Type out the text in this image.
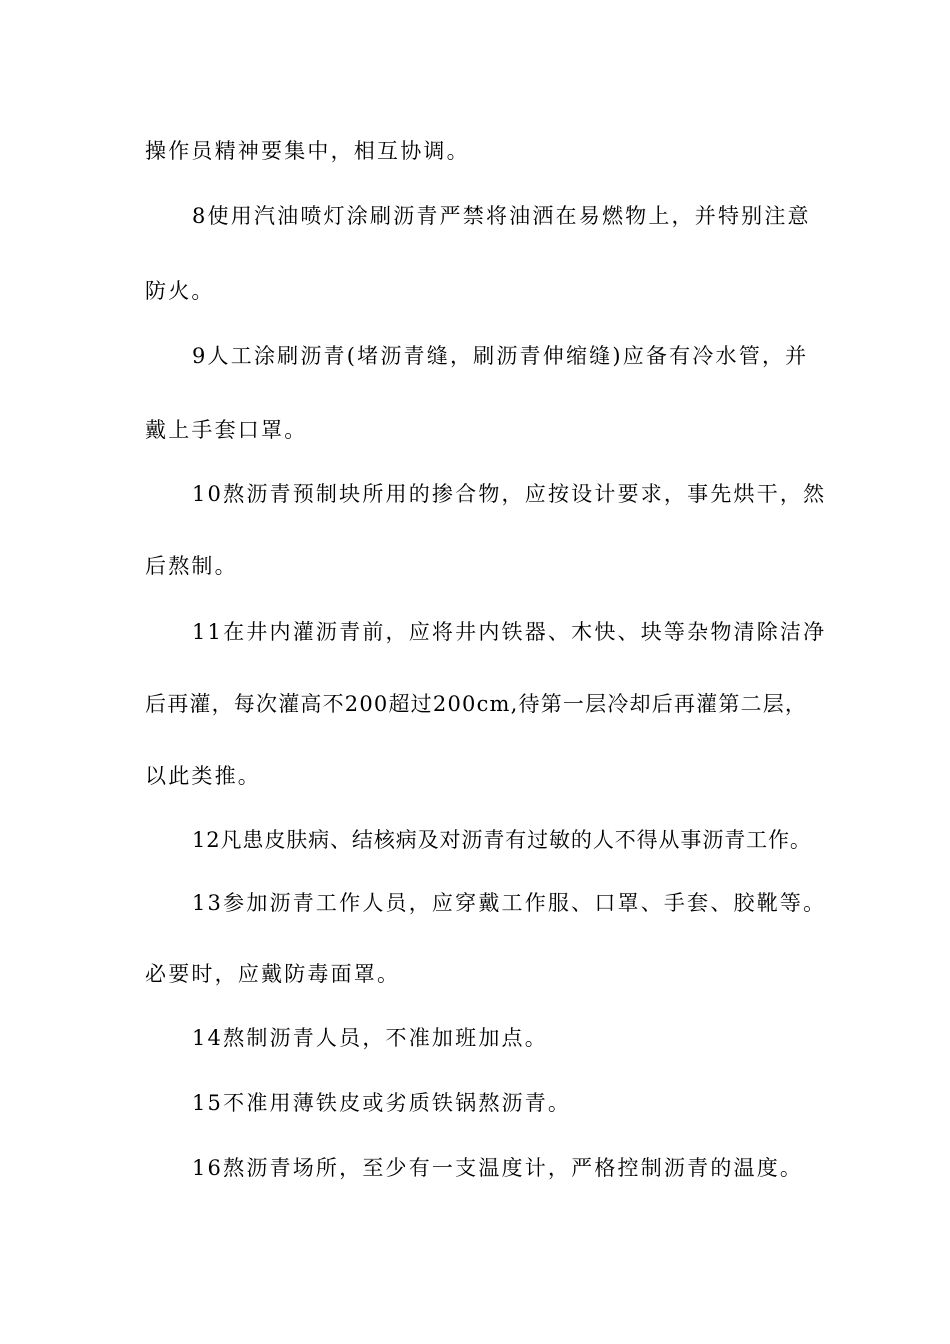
操作员精神要集中，相互协调。
8使用汽油喷灯涂刷沥青严禁将油洒在易燃物上，并特别注意
防火。
9人工涂刷沥青(堵沥青缝，刷沥青伸缩缝)应备有冷水管，并
戴上手套口罩。
10熬沥青预制块所用的掺合物，应按设计要求，事先烘干，然
后熬制。
11在井内灌沥青前，应将井内铁器、木快、块等杂物清除洁净
后再灌，每次灌高不200超过200cm,待第一层冷却后再灌第二层，
以此类推。
12凡患皮肤病、结核病及对沥青有过敏的人不得从事沥青工作。
13参加沥青工作人员，应穿戴工作服、口罩、手套、胶靴等。
必要时，应戴防毒面罩。
14熬制沥青人员，不准加班加点。
15不准用薄铁皮或劣质铁锅熬沥青。
16熬沥青场所，至少有一支温度计，严格控制沥青的温度。
